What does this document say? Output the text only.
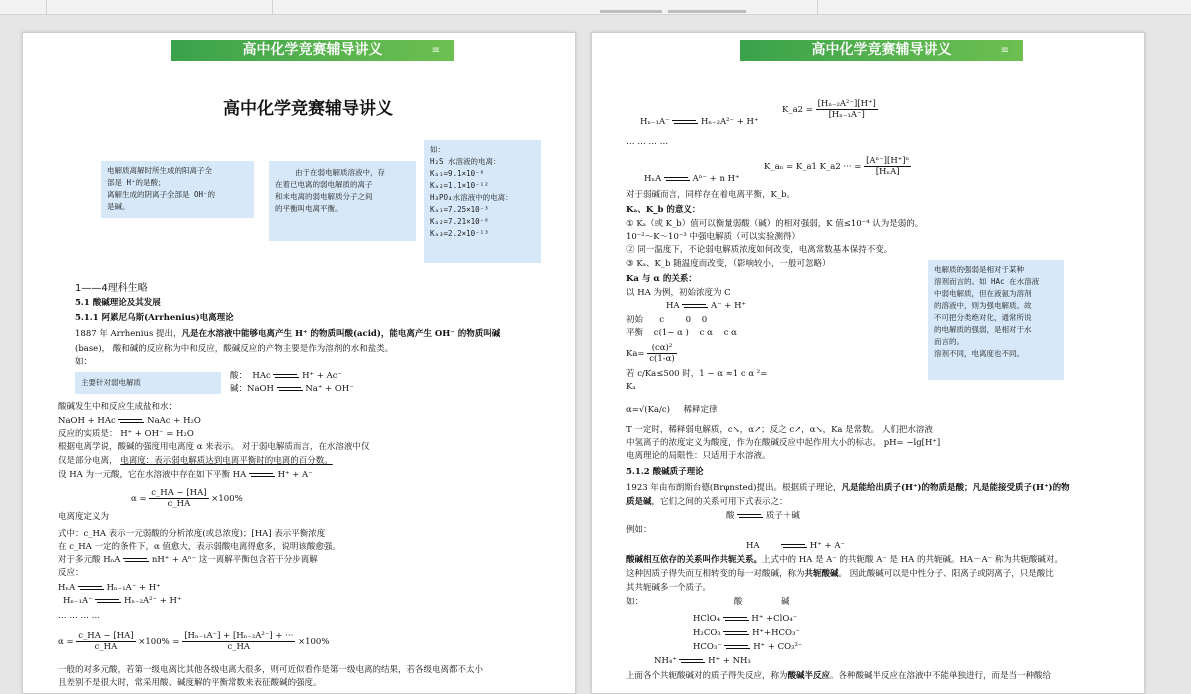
高中化学竞赛辅导讲义	≡
高中化学竞赛辅导讲义
电解质离解时所生成的阳离子全
部是 H⁺的是酸；
离解生成的阴离子全部是 OH⁻的
是碱。
由于在弱电解质溶液中，存
在着已电离的弱电解质的离子
和未电离的弱电解质分子之间
的平衡叫电离平衡。
如：
H₂S 水溶液的电离：
Kₐ₁=9.1×10⁻⁸
Kₐ₂=1.1×10⁻¹²
H₃PO₄水溶液中的电离：
Kₐ₁=7.25×10⁻³
Kₐ₂=7.21×10⁻⁸
Kₐ₃=2.2×10⁻¹³
1——4理科生略
5.1 酸碱理论及其发展
5.1.1 阿累尼乌斯(Arrhenius)电离理论
1887 年 Arrhenius 提出，凡是在水溶液中能够电离产生 H⁺ 的物质叫酸(acid)，能电离产生 OH⁻ 的物质叫碱
(base)， 酸和碱的反应称为中和反应，酸碱反应的产物主要是作为溶剂的水和盐类。
如：
主要针对弱电解质
酸： HAc	H⁺ + Ac⁻
碱：NaOH	Na⁺ + OH⁻
酸碱发生中和反应生成盐和水：
NaOH + HAc	NaAc + H₂O
反应的实质是： H⁺ + OH⁻ = H₂O
根据电离学说，酸碱的强度用电离度 α 来表示。 对于弱电解质而言，在水溶液中仅
仅是部分电离， 电离度：表示弱电解质达到电离平衡时的电离的百分数。
设 HA 为一元酸，它在水溶液中存在如下平衡 HA	H⁺ + A⁻
$\alpha = \frac{c\_HA - [HA]}{c\_HA} \times 100\%$
电离度定义为
式中：c_HA 表示一元弱酸的分析浓度(或总浓度)；[HA] 表示平衡浓度
在 c_HA 一定的条件下，α 值愈大，表示弱酸电离得愈多，说明该酸愈强。
对于多元酸 HₙA	nH⁺ + Aⁿ⁻ 这一离解平衡包含若干分步离解
反应：
HₙA	Hₙ₋₁A⁻ + H⁺
Hₙ₋₁A⁻	Hₙ₋₂A²⁻ + H⁺
… … … …
$\alpha = \frac{c\_HA - [HA]}{c\_HA} \times 100\% = \frac{\text{[Hₙ₋₁A⁻] + [Hₙ₋₂A²⁻] + ···}}{c\_HA} \times 100\%$
一般的对多元酸，若第一级电离比其他各级电离大很多，则可近似看作是第一级电离的结果，若各级电离都不太小
且差别不是很大时，常采用酸、碱度解的平衡常数来表征酸碱的强度。
高中化学竞赛辅导讲义	≡
Hₙ₋₁A⁻	Hₙ₋₂A²⁻ + H⁺
K_a2 = $\frac{\text{[Hₙ₋₂A²⁻][H⁺]}}{\text{[Hₙ₋₁A⁻]}}$
… … … …
HₙA	Aⁿ⁻ + n H⁺
K_aₙ = K_a1 K_a2 ··· = $\frac{\text{[Aⁿ⁻][H⁺]ⁿ}}{\text{[HₙA]}}$
对于弱碱而言，同样存在着电离平衡，K_b。
Kₐ、K_b 的意义：
① Kₐ（或 K_b）值可以衡量弱酸（碱）的相对强弱，K 值≤10⁻⁴ 认为是弱的。
10⁻²～K～10⁻³ 中强电解质（可以实验测得）
② 同一温度下，不论弱电解质浓度如何改变，电离常数基本保持不变。
③ Kₐ、K_b 随温度而改变，（影响较小，一般可忽略）
Ka 与 α 的关系：
以 HA 为例，初始浓度为 C
HA	A⁻ + H⁺
初始      c        0    0
平衡    c(1− α )    c α    c α
$Ka= \frac{\text{(cα)²}}{c(1-\alpha)}$
若 c/Ka≤500 时，1 − α ≈1 c α ²=
Kₐ
α=√(Ka/c) 稀释定律
T 一定时，稀释弱电解质，c↘，α↗；反之 c↗，α↘，Ka 是常数。 人们把水溶液
中氢离子的浓度定义为酸度，作为在酸碱反应中起作用大小的标志。 pH= −lg[H⁺]
电离理论的局限性：只适用于水溶液。
电解质的强弱是相对于某种
溶剂而言的。如 HAc 在水溶液
中弱电解质，但在液氨为溶剂
的溶液中，则为强电解质。故
不可把分类绝对化，通常所说
的电解质的强弱，是相对于水
而言的。
溶剂不同，电离度也不同。
5.1.2 酸碱质子理论
1923 年由布朗斯台德(Brφnsted)提出。根据质子理论，凡是能给出质子(H⁺)的物质是酸；凡是能接受质子(H⁺)的物
质是碱，它们之间的关系可用下式表示之：
酸	质子＋碱
例如：
HA	H⁺ + A⁻
酸碱相互依存的关系叫作共轭关系。上式中的 HA 是 A⁻ 的共轭酸 A⁻ 是 HA 的共轭碱。HA－A⁻ 称为共轭酸碱对。
这种因质子得失而互相转变的每一对酸碱，称为共轭酸碱。 因此酸碱可以是中性分子、阳离子或阴离子，只是酸比
其共轭碱多一个质子。
如：	酸	碱
HClO₄	H⁺ +ClO₄⁻
H₂CO₃	H⁺+HCO₃⁻
HCO₃⁻	H⁺ + CO₃²⁻
NH₄⁺	H⁺ + NH₃
上面各个共轭酸碱对的质子得失反应，称为酸碱半反应。各种酸碱半反应在溶液中不能单独进行，而是当一种酸给
